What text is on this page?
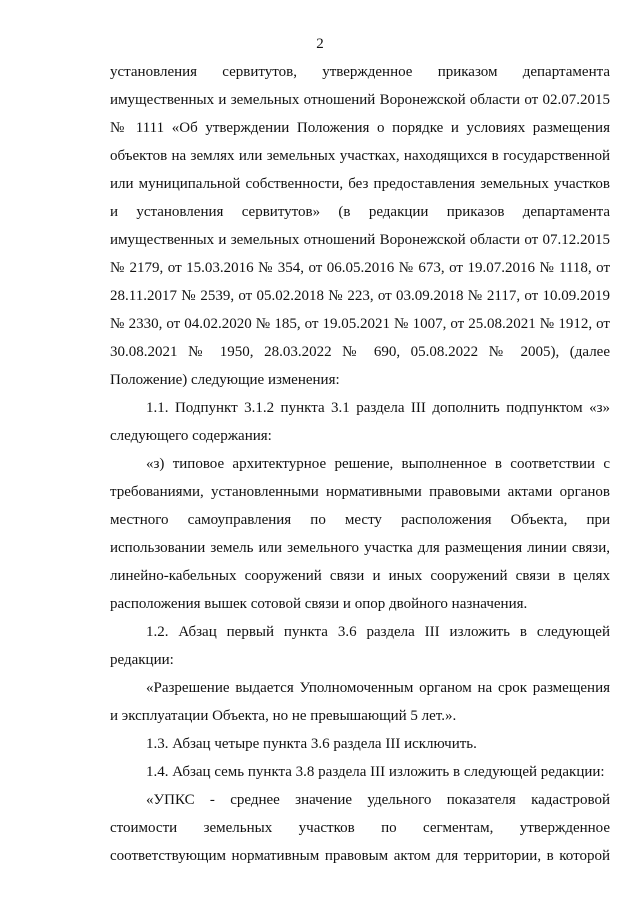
2
установления сервитутов, утвержденное приказом департамента
имущественных и земельных отношений Воронежской области от 02.07.2015
№ 1111 «Об утверждении Положения о порядке и условиях размещения
объектов на землях или земельных участках, находящихся в государственной
или муниципальной собственности, без предоставления земельных участков
и установления сервитутов» (в редакции приказов департамента
имущественных и земельных отношений Воронежской области от 07.12.2015
№ 2179, от 15.03.2016 № 354, от 06.05.2016 № 673, от 19.07.2016 № 1118, от
28.11.2017 № 2539, от 05.02.2018 № 223, от 03.09.2018 № 2117, от 10.09.2019
№ 2330, от 04.02.2020 № 185, от 19.05.2021 № 1007, от 25.08.2021 № 1912, от
30.08.2021 № 1950, 28.03.2022 № 690, 05.08.2022 № 2005), (далее
Положение) следующие изменения:
1.1. Подпункт 3.1.2 пункта 3.1 раздела III дополнить подпунктом «з»
следующего содержания:
«з) типовое архитектурное решение, выполненное в соответствии с
требованиями, установленными нормативными правовыми актами органов
местного самоуправления по месту расположения Объекта, при
использовании земель или земельного участка для размещения линии связи,
линейно-кабельных сооружений связи и иных сооружений связи в целях
расположения вышек сотовой связи и опор двойного назначения.
1.2. Абзац первый пункта 3.6 раздела III изложить в следующей
редакции:
«Разрешение выдается Уполномоченным органом на срок размещения
и эксплуатации Объекта, но не превышающий 5 лет.».
1.3. Абзац четыре пункта 3.6 раздела III исключить.
1.4. Абзац семь пункта 3.8 раздела III изложить в следующей редакции:
«УПКС - среднее значение удельного показателя кадастровой
стоимости земельных участков по сегментам, утвержденное
соответствующим нормативным правовым актом для территории, в которой
